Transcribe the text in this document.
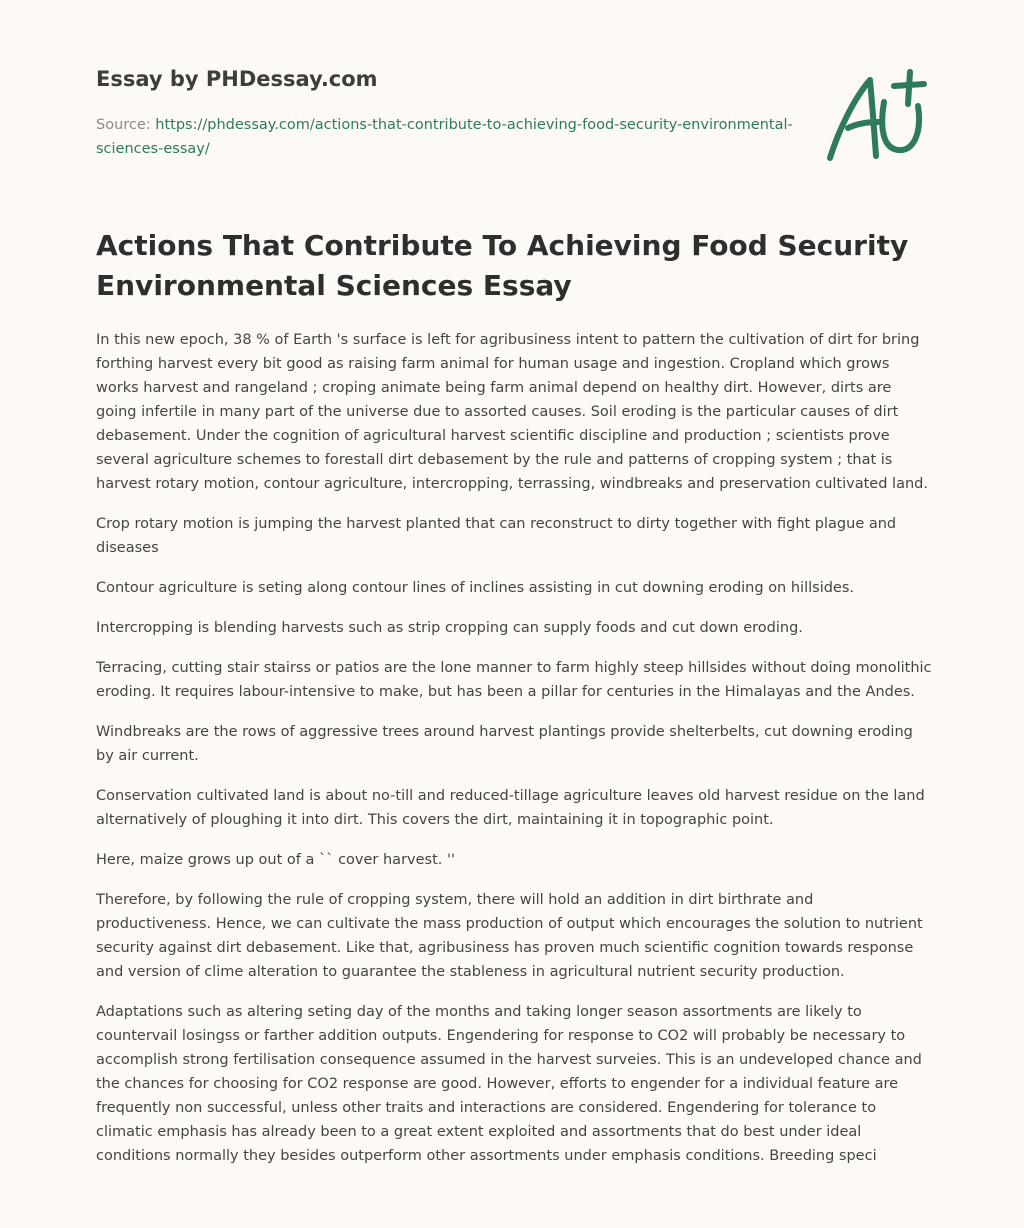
Essay by PHDessay.com
Source: https://phdessay.com/actions-that-contribute-to-achieving-food-security-environmental-sciences-essay/
Actions That Contribute To Achieving Food Security Environmental Sciences Essay

In this new epoch, 38 % of Earth 's surface is left for agribusiness intent to pattern the cultivation of dirt for bring forthing harvest every bit good as raising farm animal for human usage and ingestion. Cropland which grows works harvest and rangeland ; croping animate being farm animal depend on healthy dirt. However, dirts are going infertile in many part of the universe due to assorted causes. Soil eroding is the particular causes of dirt debasement. Under the cognition of agricultural harvest scientific discipline and production ; scientists prove several agriculture schemes to forestall dirt debasement by the rule and patterns of cropping system ; that is harvest rotary motion, contour agriculture, intercropping, terrassing, windbreaks and preservation cultivated land.

Crop rotary motion is jumping the harvest planted that can reconstruct to dirty together with fight plague and diseases

Contour agriculture is seting along contour lines of inclines assisting in cut downing eroding on hillsides.

Intercropping is blending harvests such as strip cropping can supply foods and cut down eroding.

Terracing, cutting stair stairss or patios are the lone manner to farm highly steep hillsides without doing monolithic eroding. It requires labour-intensive to make, but has been a pillar for centuries in the Himalayas and the Andes.

Windbreaks are the rows of aggressive trees around harvest plantings provide shelterbelts, cut downing eroding by air current.

Conservation cultivated land is about no-till and reduced-tillage agriculture leaves old harvest residue on the land alternatively of ploughing it into dirt. This covers the dirt, maintaining it in topographic point.

Here, maize grows up out of a `` cover harvest. ''

Therefore, by following the rule of cropping system, there will hold an addition in dirt birthrate and productiveness. Hence, we can cultivate the mass production of output which encourages the solution to nutrient security against dirt debasement. Like that, agribusiness has proven much scientific cognition towards response and version of clime alteration to guarantee the stableness in agricultural nutrient security production.

Adaptations such as altering seting day of the months and taking longer season assortments are likely to countervail losingss or farther addition outputs. Engendering for response to CO2 will probably be necessary to accomplish strong fertilisation consequence assumed in the harvest surveies. This is an undeveloped chance and the chances for choosing for CO2 response are good. However, efforts to engender for a individual feature are frequently non successful, unless other traits and interactions are considered. Engendering for tolerance to climatic emphasis has already been to a great extent exploited and assortments that do best under ideal conditions normally they besides outperform other assortments under emphasis conditions. Breeding speci
